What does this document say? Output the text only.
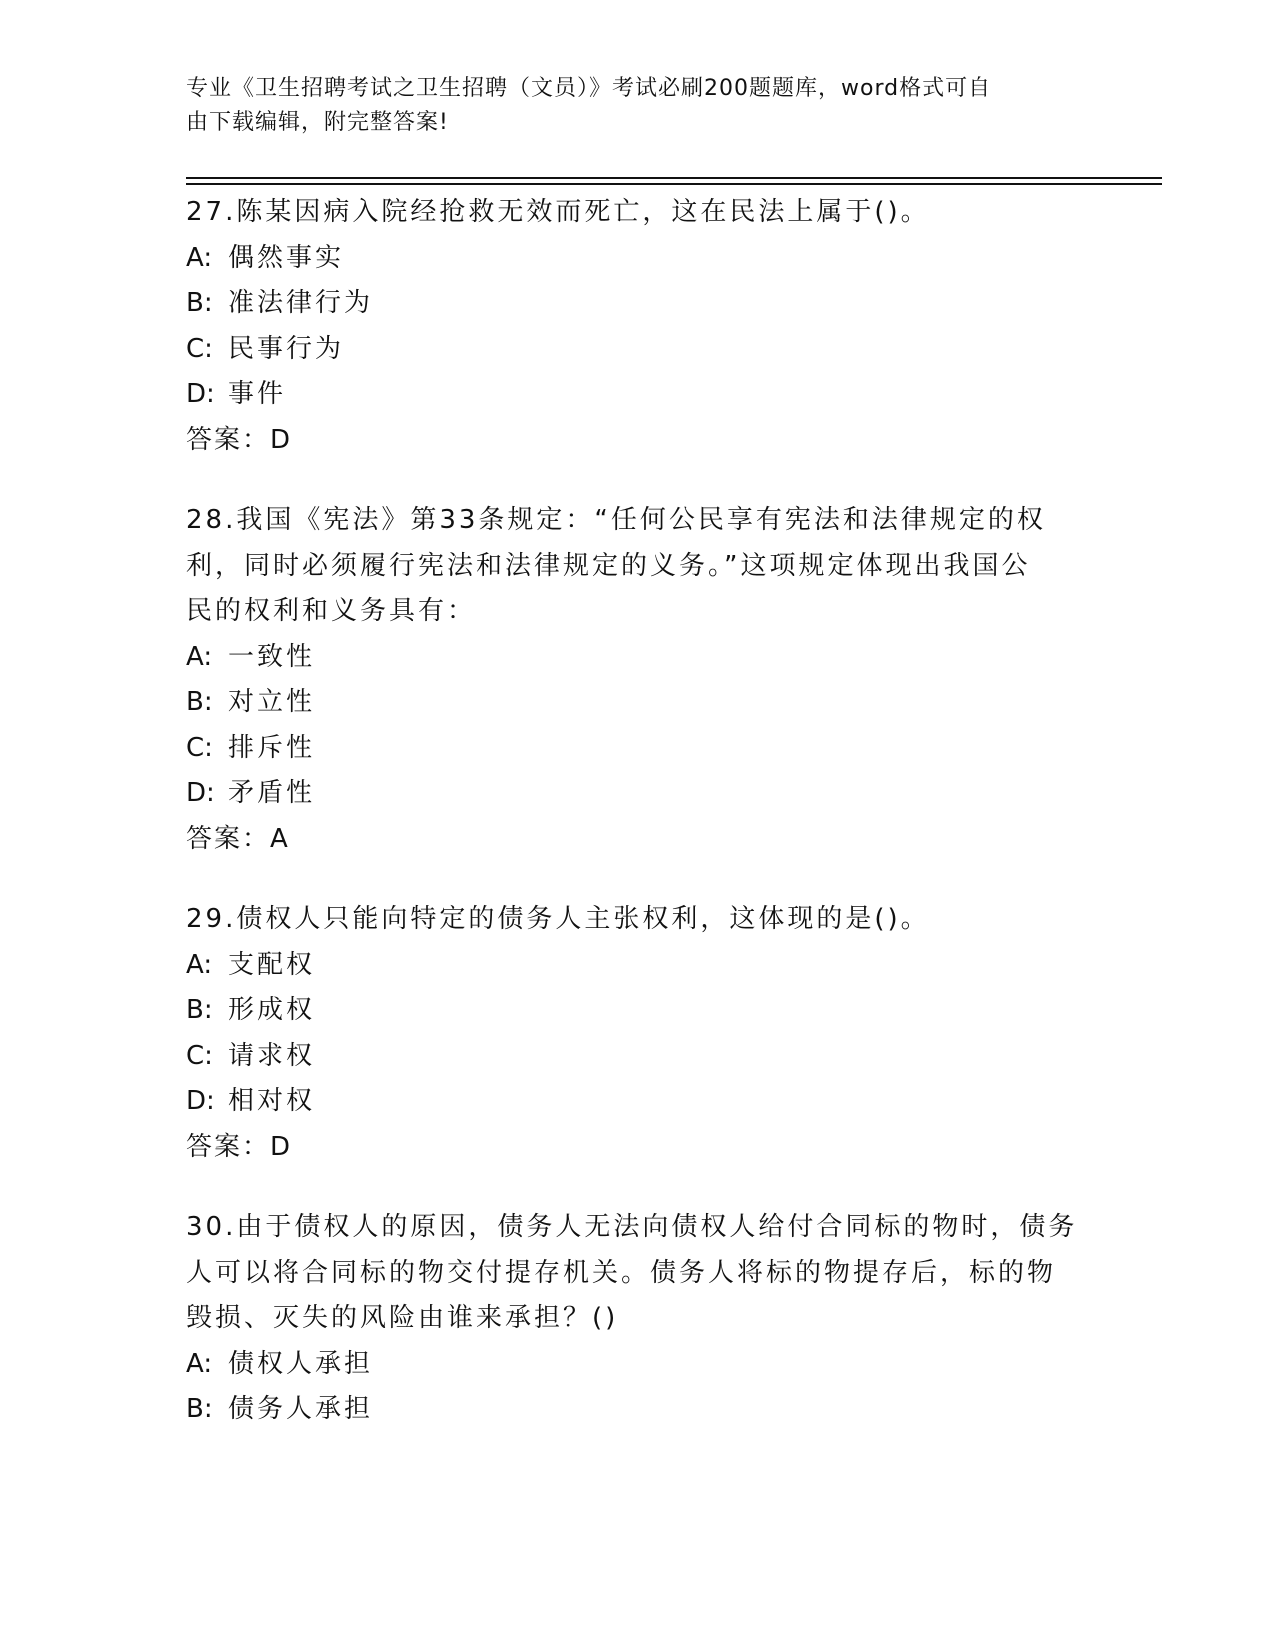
专业《卫生招聘考试之卫生招聘（文员）》考试必刷200题题库，word格式可自
由下载编辑，附完整答案!
27.陈某因病入院经抢救无效而死亡，这在民法上属于()。
A: 偶然事实
B: 准法律行为
C: 民事行为
D: 事件
答案：D
28.我国《宪法》第33条规定：“任何公民享有宪法和法律规定的权
利，同时必须履行宪法和法律规定的义务。”这项规定体现出我国公
民的权利和义务具有：
A: 一致性
B: 对立性
C: 排斥性
D: 矛盾性
答案：A
29.债权人只能向特定的债务人主张权利，这体现的是()。
A: 支配权
B: 形成权
C: 请求权
D: 相对权
答案：D
30.由于债权人的原因，债务人无法向债权人给付合同标的物时，债务
人可以将合同标的物交付提存机关。债务人将标的物提存后，标的物
毁损、灭失的风险由谁来承担？()
A: 债权人承担
B: 债务人承担
